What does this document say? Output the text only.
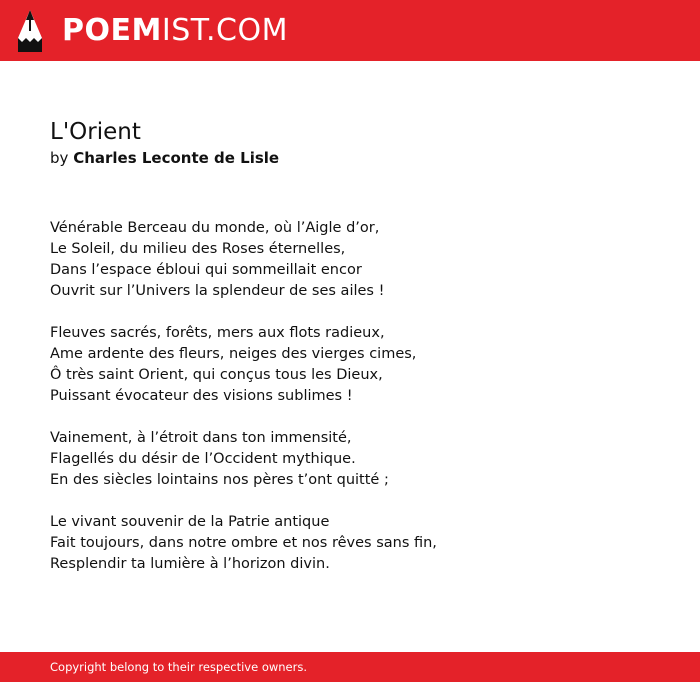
POEMIST.COM
L'Orient

by Charles Leconte de Lisle

Vénérable Berceau du monde, où l’Aigle d’or,
Le Soleil, du milieu des Roses éternelles,
Dans l’espace ébloui qui sommeillait encor
Ouvrit sur l’Univers la splendeur de ses ailes !
Fleuves sacrés, forêts, mers aux flots radieux,
Ame ardente des fleurs, neiges des vierges cimes,
Ô très saint Orient, qui conçus tous les Dieux,
Puissant évocateur des visions sublimes !
Vainement, à l’étroit dans ton immensité,
Flagellés du désir de l’Occident mythique.
En des siècles lointains nos pères t’ont quitté ;
Le vivant souvenir de la Patrie antique
Fait toujours, dans notre ombre et nos rêves sans fin,
Resplendir ta lumière à l’horizon divin.
Copyright belong to their respective owners.
